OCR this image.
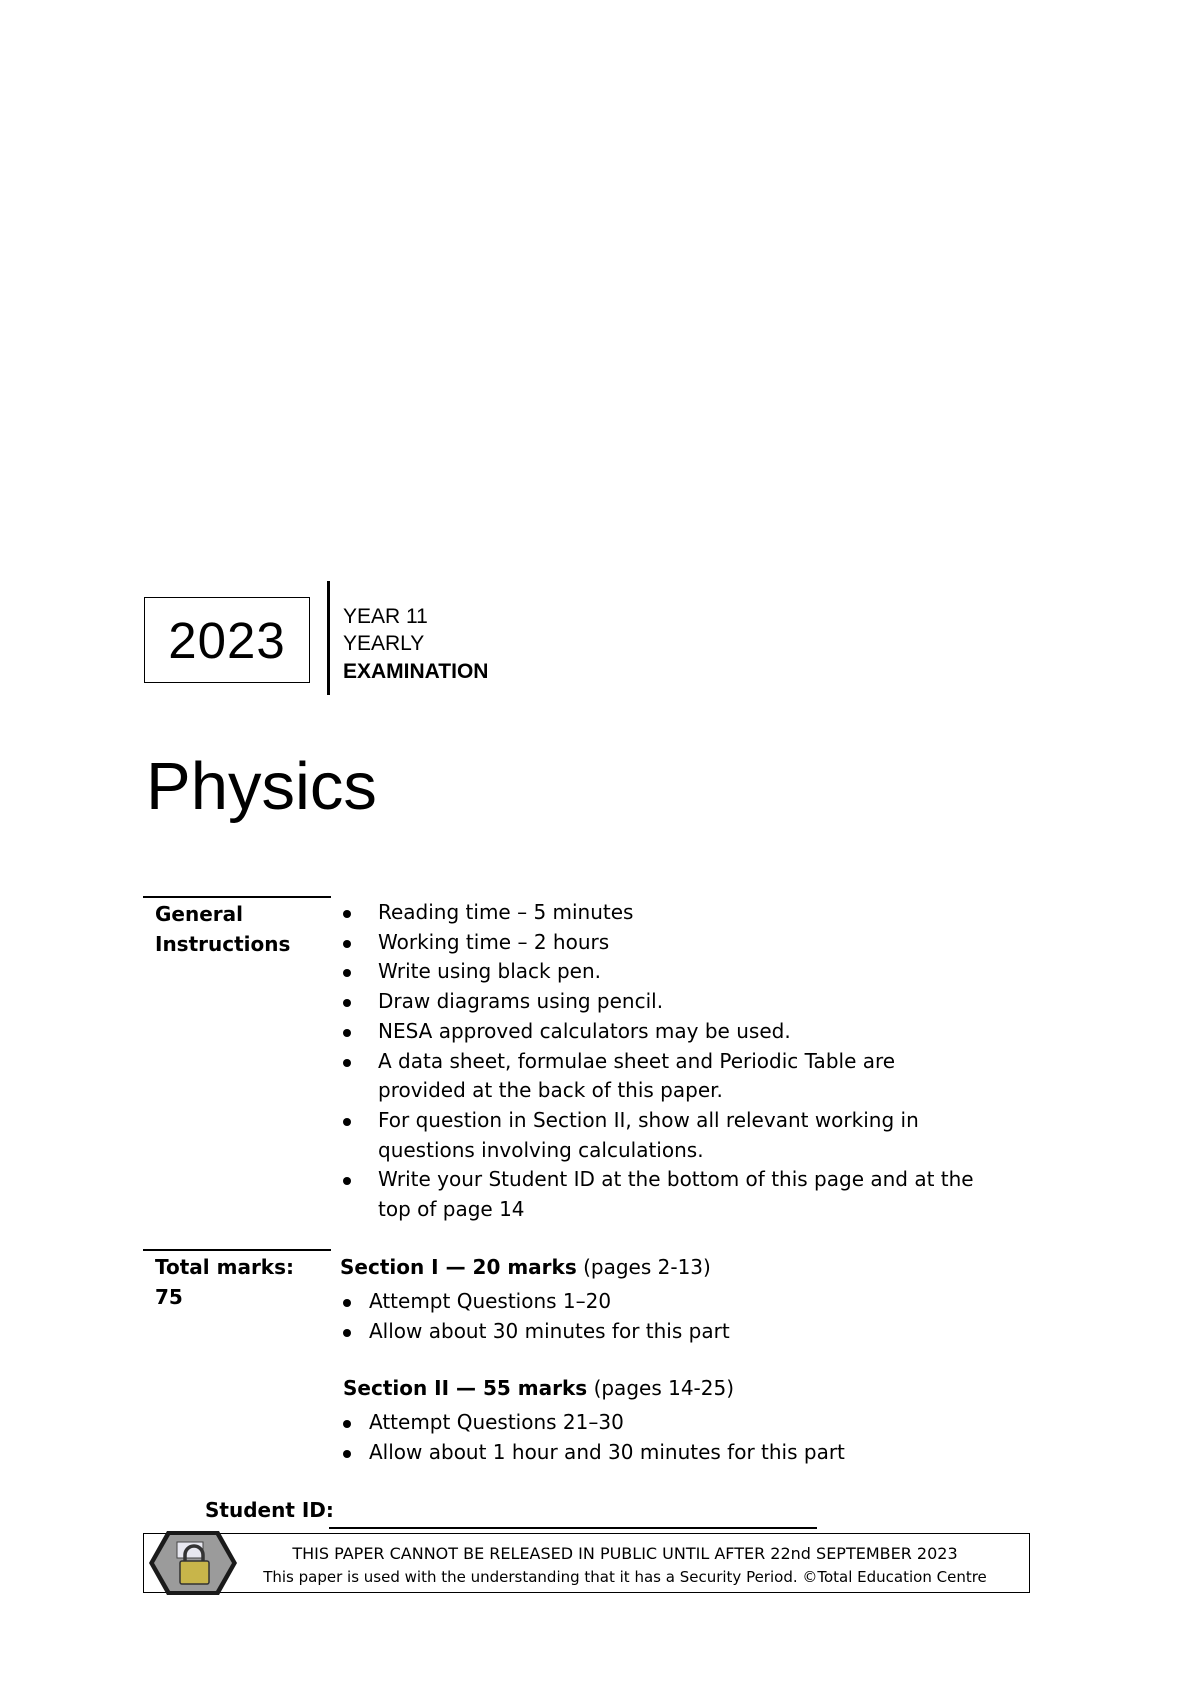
2023	YEAR 11
YEARLY
EXAMINATION
Physics
General
Instructions
Reading time – 5 minutes
Working time – 2 hours
Write using black pen.
Draw diagrams using pencil.
NESA approved calculators may be used.
A data sheet, formulae sheet and Periodic Table are provided at the back of this paper.
For question in Section II, show all relevant working in questions involving calculations.
Write your Student ID at the bottom of this page and at the top of page 14
Total marks:
75
Section I — 20 marks (pages 2-13)
Attempt Questions 1–20
Allow about 30 minutes for this part
Section II — 55 marks (pages 14-25)
Attempt Questions 21–30
Allow about 1 hour and 30 minutes for this part
Student ID:
THIS PAPER CANNOT BE RELEASED IN PUBLIC UNTIL AFTER 22nd SEPTEMBER 2023
This paper is used with the understanding that it has a Security Period. ©Total Education Centre
